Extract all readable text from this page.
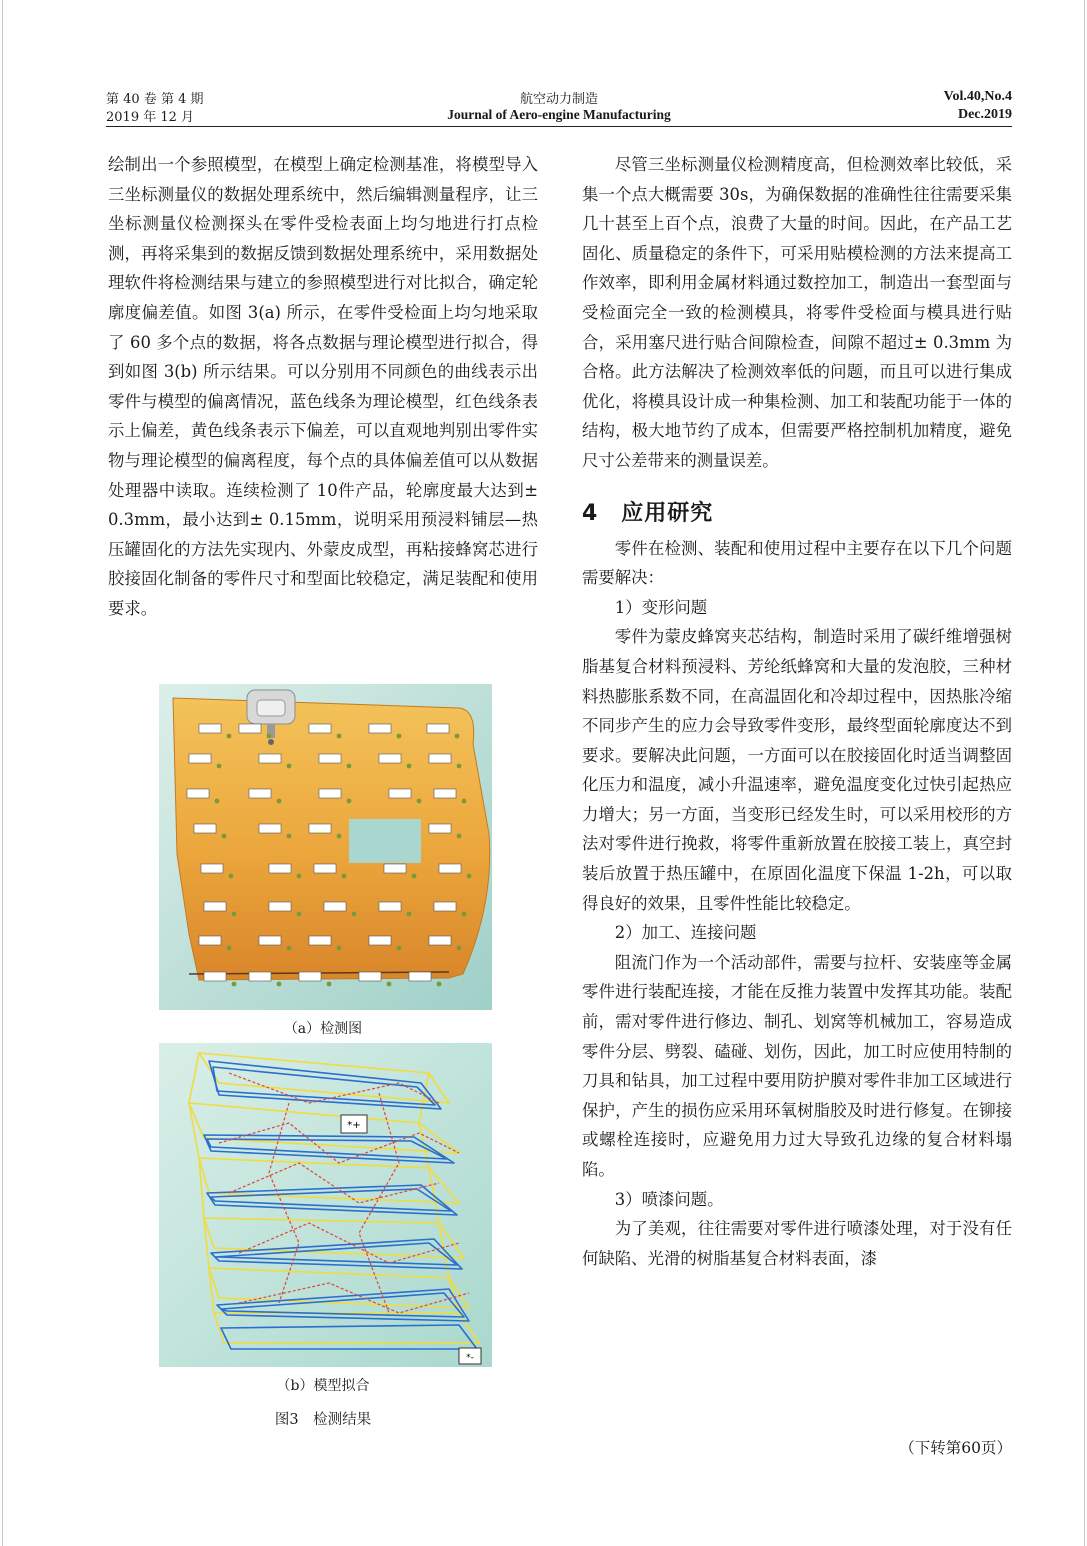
第 40 卷 第 4 期	航空动力制造	Vol.40,No.4
2019 年 12 月	Journal of Aero-engine Manufacturing	Dec.2019

绘制出一个参照模型，在模型上确定检测基准，将模型导入三坐标测量仪的数据处理系统中，然后编辑测量程序，让三坐标测量仪检测探头在零件受检表面上均匀地进行打点检测，再将采集到的数据反馈到数据处理系统中，采用数据处理软件将检测结果与建立的参照模型进行对比拟合，确定轮廓度偏差值。如图 3(a) 所示，在零件受检面上均匀地采取了 60 多个点的数据，将各点数据与理论模型进行拟合，得到如图 3(b) 所示结果。可以分别用不同颜色的曲线表示出零件与模型的偏离情况，蓝色线条为理论模型，红色线条表示上偏差，黄色线条表示下偏差，可以直观地判别出零件实物与理论模型的偏离程度，每个点的具体偏差值可以从数据处理器中读取。连续检测了 10件产品，轮廓度最大达到± 0.3mm，最小达到± 0.15mm，说明采用预浸料铺层—热压罐固化的方法先实现内、外蒙皮成型，再粘接蜂窝芯进行胶接固化制备的零件尺寸和型面比较稳定，满足装配和使用要求。

（a）检测图
*+
*-
（b）模型拟合
图3　检测结果

尽管三坐标测量仪检测精度高，但检测效率比较低，采集一个点大概需要 30s，为确保数据的准确性往往需要采集几十甚至上百个点，浪费了大量的时间。因此，在产品工艺固化、质量稳定的条件下，可采用贴模检测的方法来提高工作效率，即利用金属材料通过数控加工，制造出一套型面与受检面完全一致的检测模具，将零件受检面与模具进行贴合，采用塞尺进行贴合间隙检查，间隙不超过± 0.3mm 为合格。此方法解决了检测效率低的问题，而且可以进行集成优化，将模具设计成一种集检测、加工和装配功能于一体的结构，极大地节约了成本，但需要严格控制机加精度，避免尺寸公差带来的测量误差。

4　应用研究

零件在检测、装配和使用过程中主要存在以下几个问题需要解决：

1）变形问题

零件为蒙皮蜂窝夹芯结构，制造时采用了碳纤维增强树脂基复合材料预浸料、芳纶纸蜂窝和大量的发泡胶，三种材料热膨胀系数不同，在高温固化和冷却过程中，因热胀冷缩不同步产生的应力会导致零件变形，最终型面轮廓度达不到要求。要解决此问题，一方面可以在胶接固化时适当调整固化压力和温度，减小升温速率，避免温度变化过快引起热应力增大；另一方面，当变形已经发生时，可以采用校形的方法对零件进行挽救，将零件重新放置在胶接工装上，真空封装后放置于热压罐中，在原固化温度下保温 1-2h，可以取得良好的效果，且零件性能比较稳定。

2）加工、连接问题

阻流门作为一个活动部件，需要与拉杆、安装座等金属零件进行装配连接，才能在反推力装置中发挥其功能。装配前，需对零件进行修边、制孔、划窝等机械加工，容易造成零件分层、劈裂、磕碰、划伤，因此，加工时应使用特制的刀具和钻具，加工过程中要用防护膜对零件非加工区域进行保护，产生的损伤应采用环氧树脂胶及时进行修复。在铆接或螺栓连接时，应避免用力过大导致孔边缘的复合材料塌陷。

3）喷漆问题。

为了美观，往往需要对零件进行喷漆处理，对于没有任何缺陷、光滑的树脂基复合材料表面，漆

（下转第60页）
